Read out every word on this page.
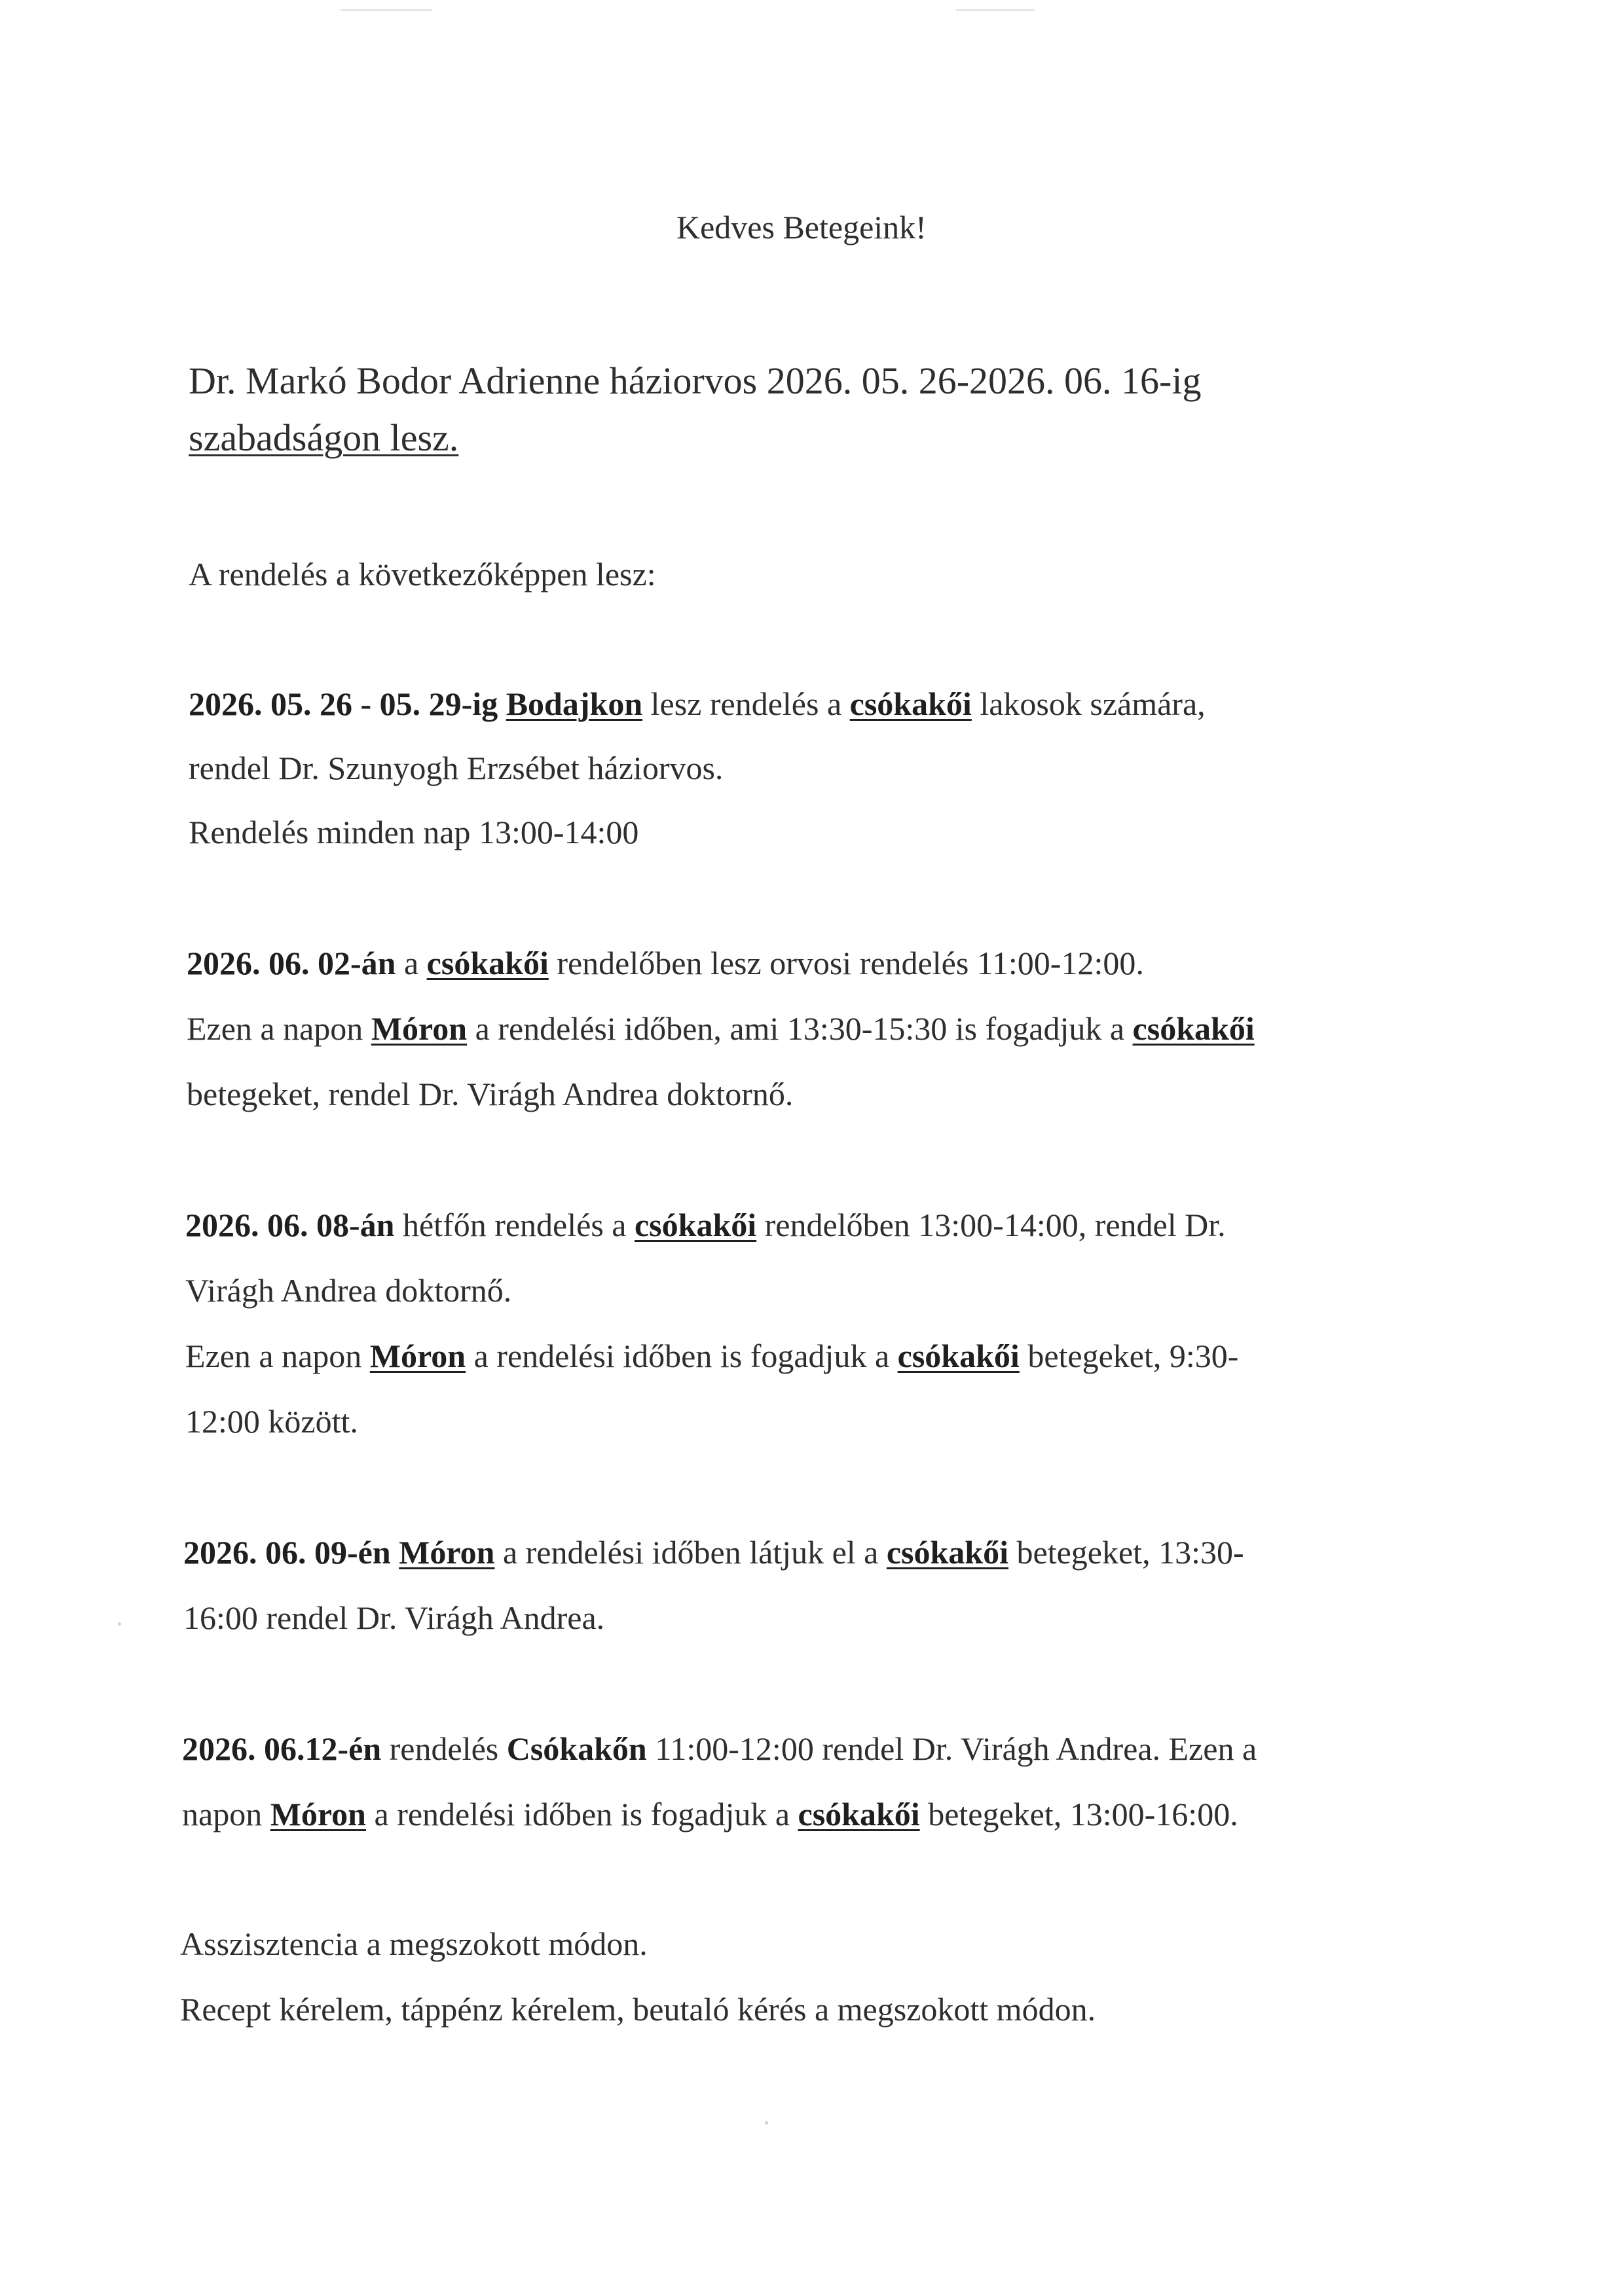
Kedves Betegeink!
Dr. Markó Bodor Adrienne háziorvos 2026. 05. 26-2026. 06. 16-ig
szabadságon lesz.
A rendelés a következőképpen lesz:
2026. 05. 26 - 05. 29-ig Bodajkon lesz rendelés a csókakői lakosok számára,
rendel Dr. Szunyogh Erzsébet háziorvos.
Rendelés minden nap 13:00-14:00
2026. 06. 02-án a csókakői rendelőben lesz orvosi rendelés 11:00-12:00.
Ezen a napon Móron a rendelési időben, ami 13:30-15:30 is fogadjuk a csókakői
betegeket, rendel Dr. Virágh Andrea doktornő.
2026. 06. 08-án hétfőn rendelés a csókakői rendelőben 13:00-14:00, rendel Dr.
Virágh Andrea doktornő.
Ezen a napon Móron a rendelési időben is fogadjuk a csókakői betegeket, 9:30-
12:00 között.
2026. 06. 09-én Móron a rendelési időben látjuk el a csókakői betegeket, 13:30-
16:00 rendel Dr. Virágh Andrea.
2026. 06.12-én rendelés Csókakőn 11:00-12:00 rendel Dr. Virágh Andrea. Ezen a
napon Móron a rendelési időben is fogadjuk a csókakői betegeket, 13:00-16:00.
Asszisztencia a megszokott módon.
Recept kérelem, táppénz kérelem, beutaló kérés a megszokott módon.
